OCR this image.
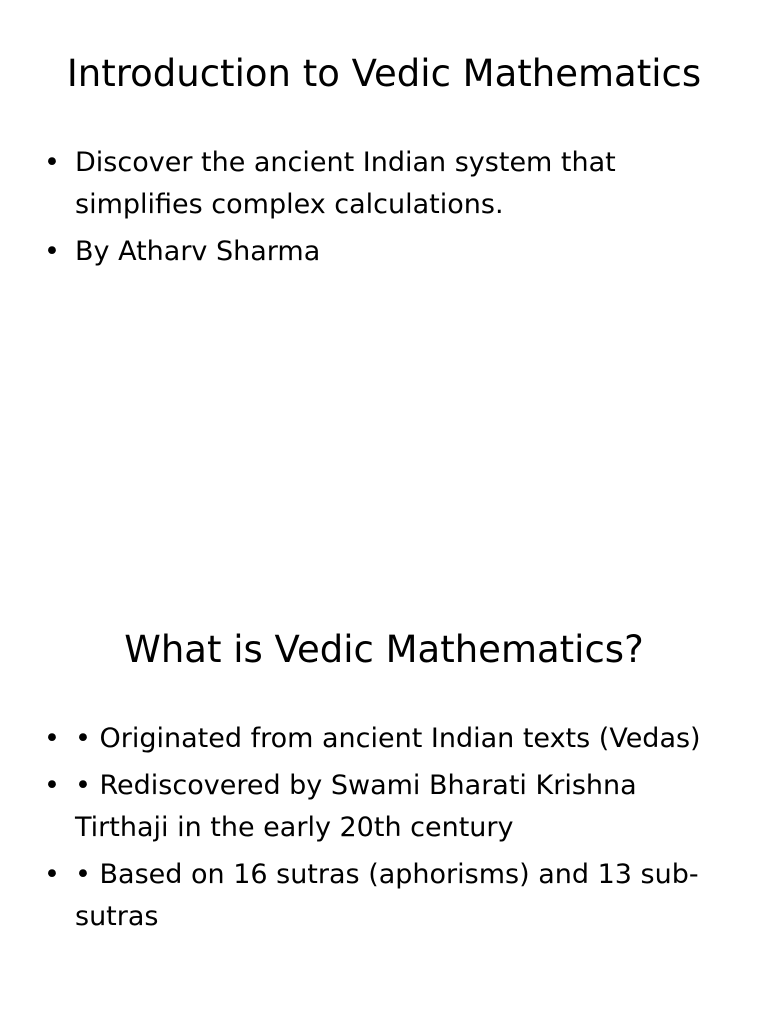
Introduction to Vedic Mathematics
• Discover the ancient Indian system that simplifies complex calculations.
• By Atharv Sharma
What is Vedic Mathematics?
• • Originated from ancient Indian texts (Vedas)
• • Rediscovered by Swami Bharati Krishna Tirthaji in the early 20th century
• • Based on 16 sutras (aphorisms) and 13 sub-sutras
